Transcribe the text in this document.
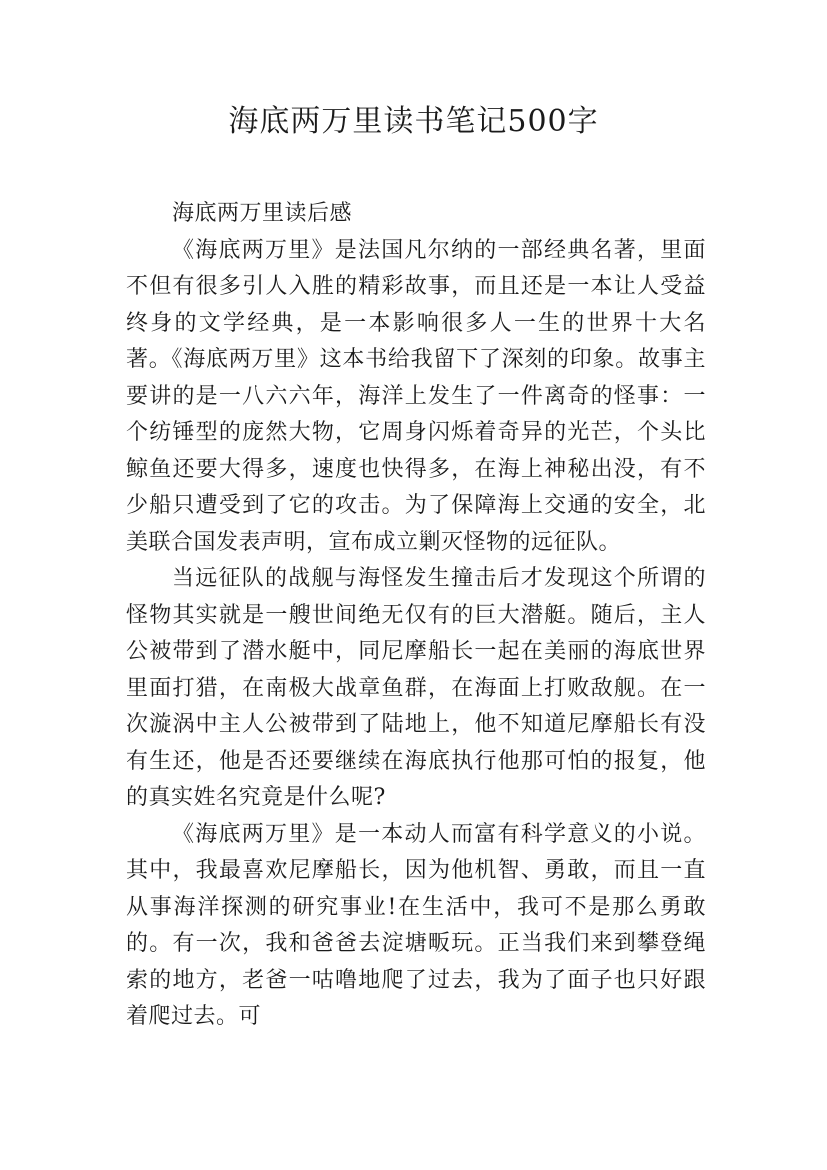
海底两万里读书笔记500字

海底两万里读后感

《海底两万里》是法国凡尔纳的一部经典名著，里面不但有很多引人入胜的精彩故事，而且还是一本让人受益终身的文学经典，是一本影响很多人一生的世界十大名著。《海底两万里》这本书给我留下了深刻的印象。故事主要讲的是一八六六年，海洋上发生了一件离奇的怪事：一个纺锤型的庞然大物，它周身闪烁着奇异的光芒，个头比鲸鱼还要大得多，速度也快得多，在海上神秘出没，有不少船只遭受到了它的攻击。为了保障海上交通的安全，北美联合国发表声明，宣布成立剿灭怪物的远征队。

当远征队的战舰与海怪发生撞击后才发现这个所谓的怪物其实就是一艘世间绝无仅有的巨大潜艇。随后，主人公被带到了潜水艇中，同尼摩船长一起在美丽的海底世界里面打猎，在南极大战章鱼群，在海面上打败敌舰。在一次漩涡中主人公被带到了陆地上，他不知道尼摩船长有没有生还，他是否还要继续在海底执行他那可怕的报复，他的真实姓名究竟是什么呢?

《海底两万里》是一本动人而富有科学意义的小说。其中，我最喜欢尼摩船长，因为他机智、勇敢，而且一直从事海洋探测的研究事业!在生活中，我可不是那么勇敢的。有一次，我和爸爸去淀塘畈玩。正当我们来到攀登绳索的地方，老爸一咕噜地爬了过去，我为了面子也只好跟着爬过去。可
